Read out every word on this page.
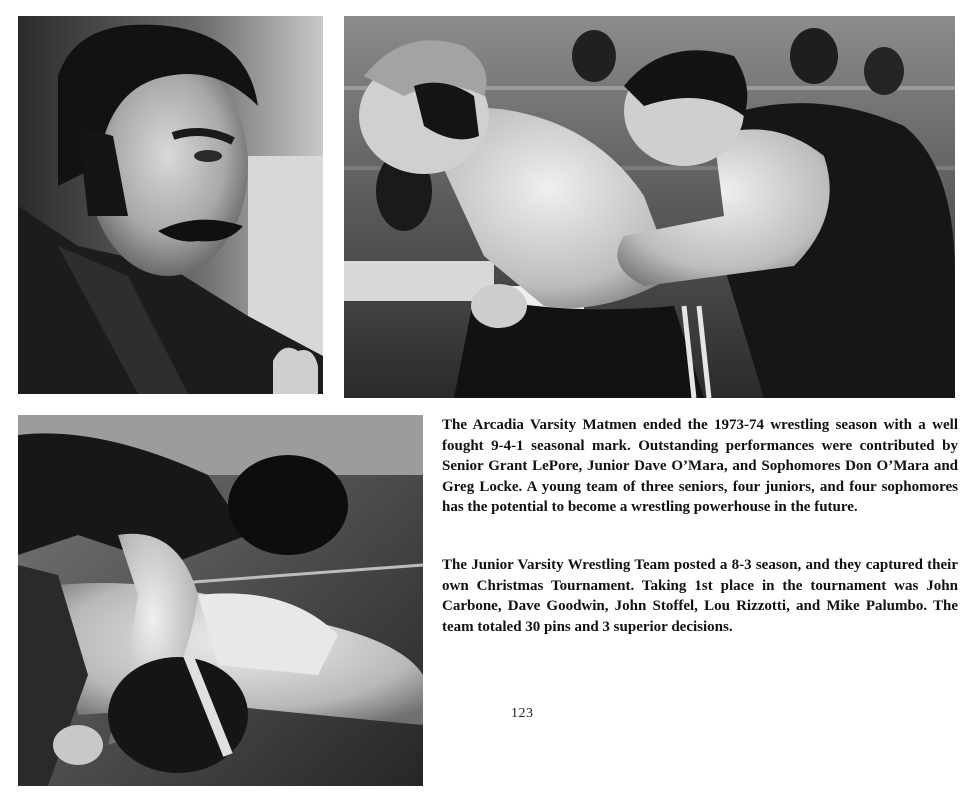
The Arcadia Varsity Matmen ended the 1973-74 wrestling season with a well fought 9-4-1 seasonal mark. Outstanding performances were contributed by Senior Grant LePore, Junior Dave O’Mara, and Sophomores Don O’Mara and Greg Locke. A young team of three seniors, four juniors, and four sophomores has the potential to become a wrestling powerhouse in the future.

The Junior Varsity Wrestling Team posted a 8-3 season, and they captured their own Christmas Tournament. Taking 1st place in the tournament was John Carbone, Dave Goodwin, John Stoffel, Lou Rizzotti, and Mike Palumbo. The team totaled 30 pins and 3 superior decisions.

123
